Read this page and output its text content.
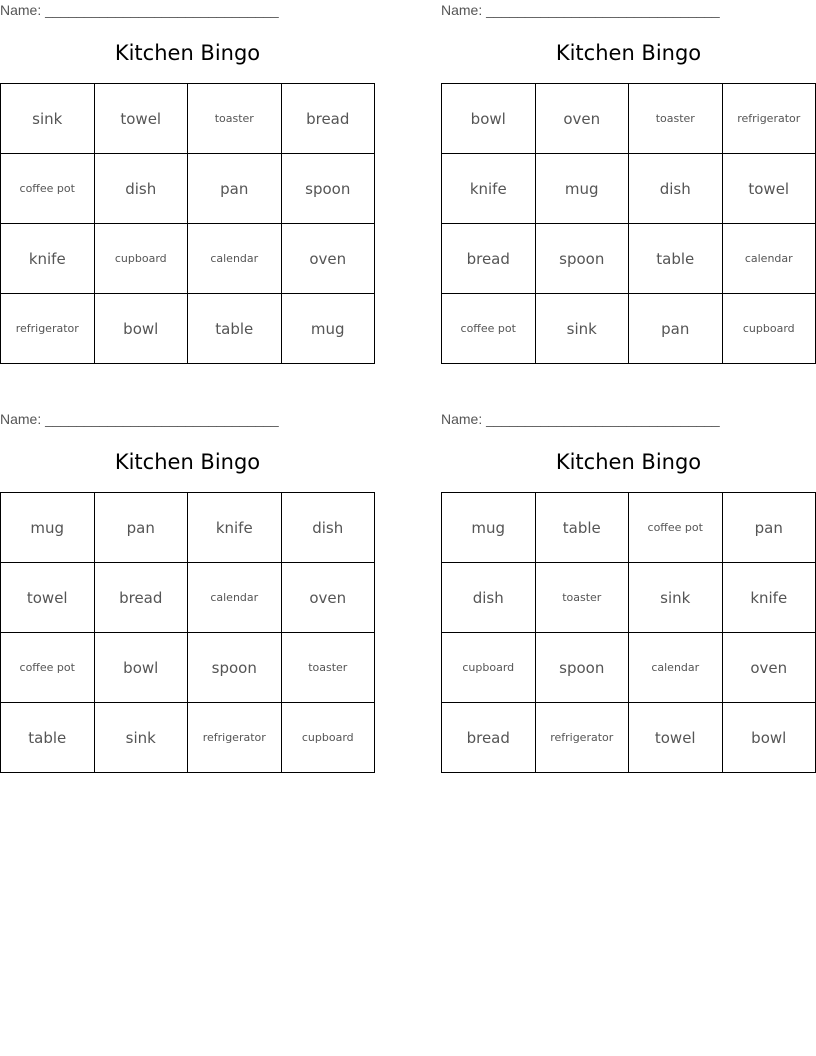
Name: ______________________________
Kitchen Bingo
sink	towel	toaster	bread
coffee pot	dish	pan	spoon
knife	cupboard	calendar	oven
refrigerator	bowl	table	mug
Name: ______________________________
Kitchen Bingo
bowl	oven	toaster	refrigerator
knife	mug	dish	towel
bread	spoon	table	calendar
coffee pot	sink	pan	cupboard
Name: ______________________________
Kitchen Bingo
mug	pan	knife	dish
towel	bread	calendar	oven
coffee pot	bowl	spoon	toaster
table	sink	refrigerator	cupboard
Name: ______________________________
Kitchen Bingo
mug	table	coffee pot	pan
dish	toaster	sink	knife
cupboard	spoon	calendar	oven
bread	refrigerator	towel	bowl
